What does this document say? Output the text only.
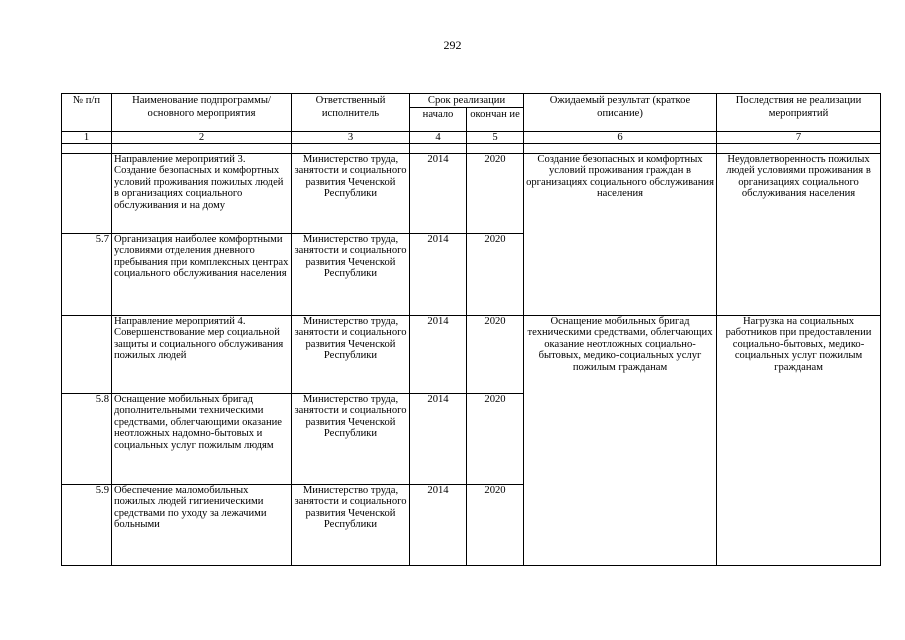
292
№ п/п	Наименование подпрограммы/ основного мероприятия	Ответственный исполнитель	Срок реализации		Ожидаемый результат (краткое описание)	Последствия не реализации мероприятий
			начало	окончан ие		
1	2	3	4	5	6	7

	Направление мероприятий 3. Создание безопасных и комфортных условий проживания пожилых людей в организациях социального обслуживания и на дому	Министерство труда, занятости и социального развития Чеченской Республики	2014	2020	Создание безопасных и комфортных условий проживания граждан в организациях социального обслуживания населения	Неудовлетворенность пожилых людей условиями проживания в организациях социального обслуживания населения
5.7	Организация наиболее комфортными условиями отделения дневного пребывания при комплексных центрах социального обслуживания населения	Министерство труда, занятости и социального развития Чеченской Республики	2014	2020		
	Направление мероприятий 4. Совершенствование мер социальной защиты и социального обслуживания пожилых людей	Министерство труда, занятости и социального развития Чеченской Республики	2014	2020	Оснащение мобильных бригад техническими средствами, облегчающих оказание неотложных социально-бытовых, медико-социальных услуг пожилым гражданам	Нагрузка на социальных работников при предоставлении социально-бытовых, медико-социальных услуг пожилым гражданам
5.8	Оснащение мобильных бригад дополнительными техническими средствами, облегчающими оказание неотложных надомно-бытовых и социальных услуг пожилым людям	Министерство труда, занятости и социального развития Чеченской Республики	2014	2020		
5.9	Обеспечение маломобильных пожилых людей гигиеническими средствами по уходу за лежачими больными	Министерство труда, занятости и социального развития Чеченской Республики	2014	2020		
